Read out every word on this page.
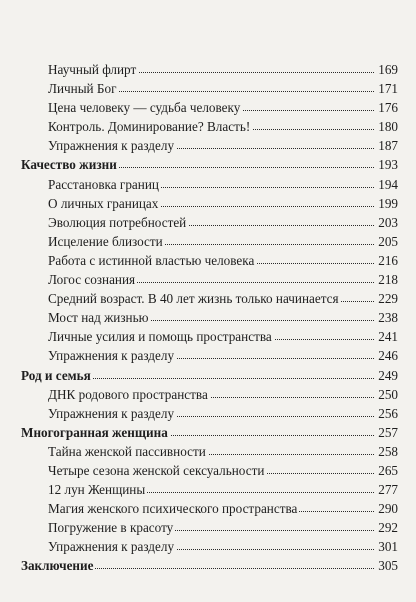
Научный флирт	169
Личный Бог	171
Цена человеку — судьба человеку	176
Контроль. Доминирование? Власть!	180
Упражнения к разделу	187
Качество жизни	193
Расстановка границ	194
О личных границах	199
Эволюция потребностей	203
Исцеление близости	205
Работа с истинной властью человека	216
Логос сознания	218
Средний возраст. В 40 лет жизнь только начинается	229
Мост над жизнью	238
Личные усилия и помощь пространства	241
Упражнения к разделу	246
Род и семья	249
ДНК родового пространства	250
Упражнения к разделу	256
Многогранная женщина	257
Тайна женской пассивности	258
Четыре сезона женской сексуальности	265
12 лун Женщины	277
Магия женского психического пространства	290
Погружение в красоту	292
Упражнения к разделу	301
Заключение	305
